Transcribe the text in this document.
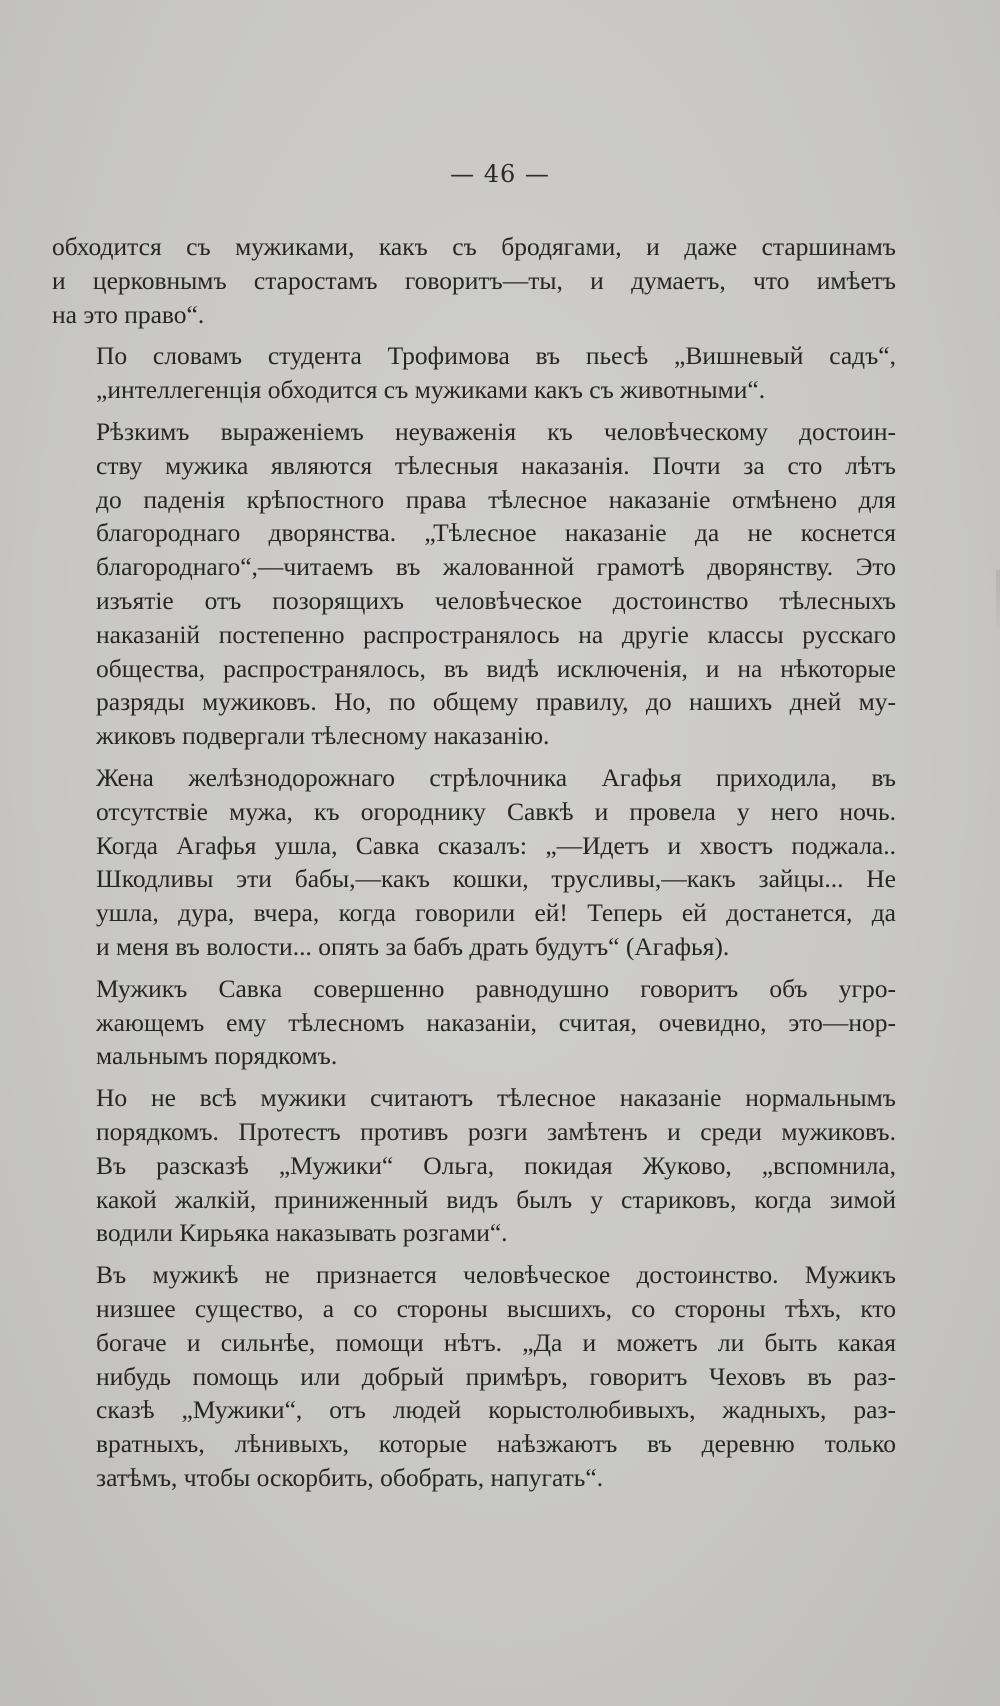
— 46 —
обходится съ мужиками, какъ съ бродягами, и даже старшинамъ
и церковнымъ старостамъ говоритъ—ты, и думаетъ, что имѣетъ
на это право“.
По словамъ студента Трофимова въ пьесѣ „Вишневый садъ“,
„интеллегенція обходится съ мужиками какъ съ животными“.
Рѣзкимъ выраженіемъ неуваженія къ человѣческому достоин-
ству мужика являются тѣлесныя наказанія. Почти за сто лѣтъ
до паденія крѣпостного права тѣлесное наказаніе отмѣнено для
благороднаго дворянства. „Тѣлесное наказаніе да не коснется
благороднаго“,—читаемъ въ жалованной грамотѣ дворянству. Это
изъятіе отъ позорящихъ человѣческое достоинство тѣлесныхъ
наказаній постепенно распространялось на другіе классы русскаго
общества, распространялось, въ видѣ исключенія, и на нѣкоторые
разряды мужиковъ. Но, по общему правилу, до нашихъ дней му-
жиковъ подвергали тѣлесному наказанію.
Жена желѣзнодорожнаго стрѣлочника Агафья приходила, въ
отсутствіе мужа, къ огороднику Савкѣ и провела у него ночь.
Когда Агафья ушла, Савка сказалъ: „—Идетъ и хвостъ поджала..
Шкодливы эти бабы,—какъ кошки, трусливы,—какъ зайцы... Не
ушла, дура, вчера, когда говорили ей! Теперь ей достанется, да
и меня въ волости... опять за бабъ драть будутъ“ (Агафья).
Мужикъ Савка совершенно равнодушно говоритъ объ угро-
жающемъ ему тѣлесномъ наказаніи, считая, очевидно, это—нор-
мальнымъ порядкомъ.
Но не всѣ мужики считаютъ тѣлесное наказаніе нормальнымъ
порядкомъ. Протестъ противъ розги замѣтенъ и среди мужиковъ.
Въ разсказѣ „Мужики“ Ольга, покидая Жуково, „вспомнила,
какой жалкій, приниженный видъ былъ у стариковъ, когда зимой
водили Кирьяка наказывать розгами“.
Въ мужикѣ не признается человѣческое достоинство. Мужикъ
низшее существо, а со стороны высшихъ, со стороны тѣхъ, кто
богаче и сильнѣе, помощи нѣтъ. „Да и можетъ ли быть какая
нибудь помощь или добрый примѣръ, говоритъ Чеховъ въ раз-
сказѣ „Мужики“, отъ людей корыстолюбивыхъ, жадныхъ, раз-
вратныхъ, лѣнивыхъ, которые наѣзжаютъ въ деревню только
затѣмъ, чтобы оскорбить, обобрать, напугать“.
